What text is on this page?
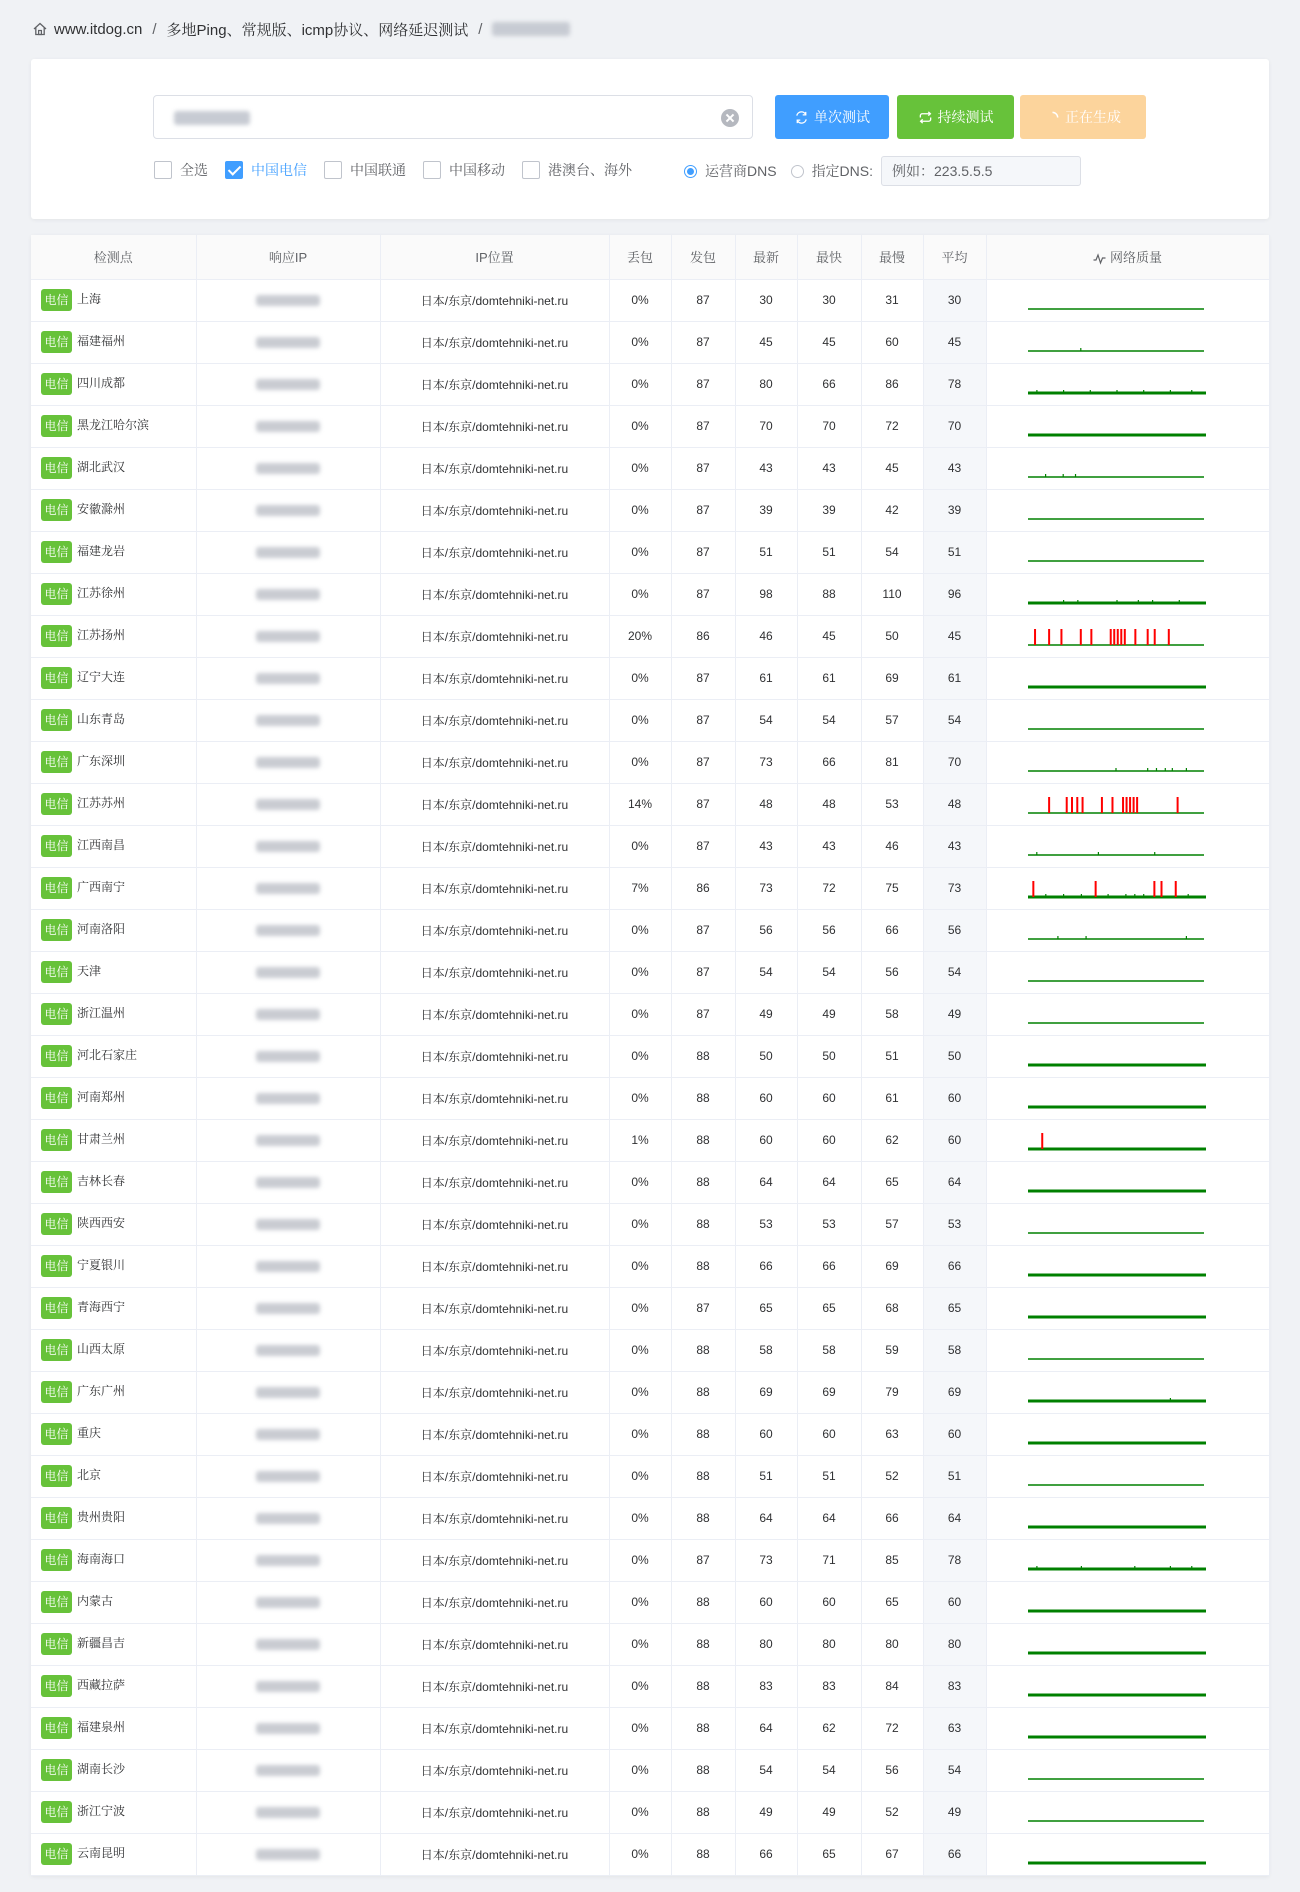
www.itdog.cn / 多地Ping、常规版、icmp协议、网络延迟测试 /
单次测试	持续测试	正在生成
全选	中国电信	中国联通	中国移动	港澳台、海外	运营商DNS	指定DNS: 例如：223.5.5.5
检测点	响应IP	IP位置	丢包	发包	最新	最快	最慢	平均	网络质量
电信 上海		日本/东京/domtehniki-net.ru	0%	87	30	30	31	30	

电信 福建福州		日本/东京/domtehniki-net.ru	0%	87	45	45	60	45	

电信 四川成都		日本/东京/domtehniki-net.ru	0%	87	80	66	86	78	

电信 黑龙江哈尔滨		日本/东京/domtehniki-net.ru	0%	87	70	70	72	70	

电信 湖北武汉		日本/东京/domtehniki-net.ru	0%	87	43	43	45	43	

电信 安徽滁州		日本/东京/domtehniki-net.ru	0%	87	39	39	42	39	

电信 福建龙岩		日本/东京/domtehniki-net.ru	0%	87	51	51	54	51	

电信 江苏徐州		日本/东京/domtehniki-net.ru	0%	87	98	88	110	96	

电信 江苏扬州		日本/东京/domtehniki-net.ru	20%	86	46	45	50	45	

电信 辽宁大连		日本/东京/domtehniki-net.ru	0%	87	61	61	69	61	

电信 山东青岛		日本/东京/domtehniki-net.ru	0%	87	54	54	57	54	

电信 广东深圳		日本/东京/domtehniki-net.ru	0%	87	73	66	81	70	

电信 江苏苏州		日本/东京/domtehniki-net.ru	14%	87	48	48	53	48	

电信 江西南昌		日本/东京/domtehniki-net.ru	0%	87	43	43	46	43	

电信 广西南宁		日本/东京/domtehniki-net.ru	7%	86	73	72	75	73	

电信 河南洛阳		日本/东京/domtehniki-net.ru	0%	87	56	56	66	56	

电信 天津		日本/东京/domtehniki-net.ru	0%	87	54	54	56	54	

电信 浙江温州		日本/东京/domtehniki-net.ru	0%	87	49	49	58	49	

电信 河北石家庄		日本/东京/domtehniki-net.ru	0%	88	50	50	51	50	

电信 河南郑州		日本/东京/domtehniki-net.ru	0%	88	60	60	61	60	

电信 甘肃兰州		日本/东京/domtehniki-net.ru	1%	88	60	60	62	60	

电信 吉林长春		日本/东京/domtehniki-net.ru	0%	88	64	64	65	64	

电信 陕西西安		日本/东京/domtehniki-net.ru	0%	88	53	53	57	53	

电信 宁夏银川		日本/东京/domtehniki-net.ru	0%	88	66	66	69	66	

电信 青海西宁		日本/东京/domtehniki-net.ru	0%	87	65	65	68	65	

电信 山西太原		日本/东京/domtehniki-net.ru	0%	88	58	58	59	58	

电信 广东广州		日本/东京/domtehniki-net.ru	0%	88	69	69	79	69	

电信 重庆		日本/东京/domtehniki-net.ru	0%	88	60	60	63	60	

电信 北京		日本/东京/domtehniki-net.ru	0%	88	51	51	52	51	

电信 贵州贵阳		日本/东京/domtehniki-net.ru	0%	88	64	64	66	64	

电信 海南海口		日本/东京/domtehniki-net.ru	0%	87	73	71	85	78	

电信 内蒙古		日本/东京/domtehniki-net.ru	0%	88	60	60	65	60	

电信 新疆昌吉		日本/东京/domtehniki-net.ru	0%	88	80	80	80	80	

电信 西藏拉萨		日本/东京/domtehniki-net.ru	0%	88	83	83	84	83	

电信 福建泉州		日本/东京/domtehniki-net.ru	0%	88	64	62	72	63	

电信 湖南长沙		日本/东京/domtehniki-net.ru	0%	88	54	54	56	54	

电信 浙江宁波		日本/东京/domtehniki-net.ru	0%	88	49	49	52	49	

电信 云南昆明		日本/东京/domtehniki-net.ru	0%	88	66	65	67	66	
